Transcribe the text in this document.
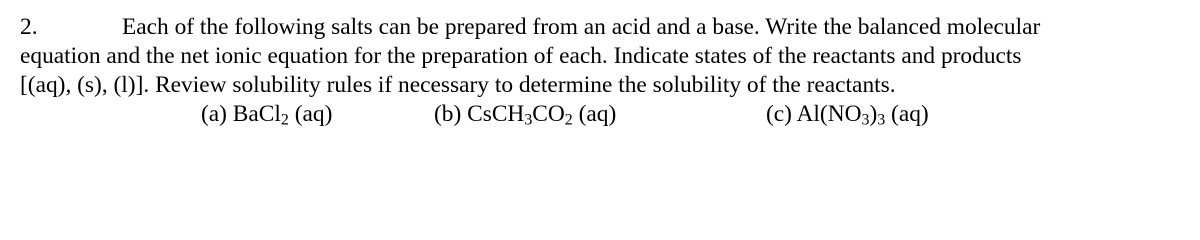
2.	Each of the following salts can be prepared from an acid and a base. Write the balanced molecular
equation and the net ionic equation for the preparation of each. Indicate states of the reactants and products
[(aq), (s), (l)]. Review solubility rules if necessary to determine the solubility of the reactants.
(a) BaCl$_2$ (aq)	(b) $CsCH_3CO_2$ (aq)	(c) $Al(NO_3)_3$ (aq)
